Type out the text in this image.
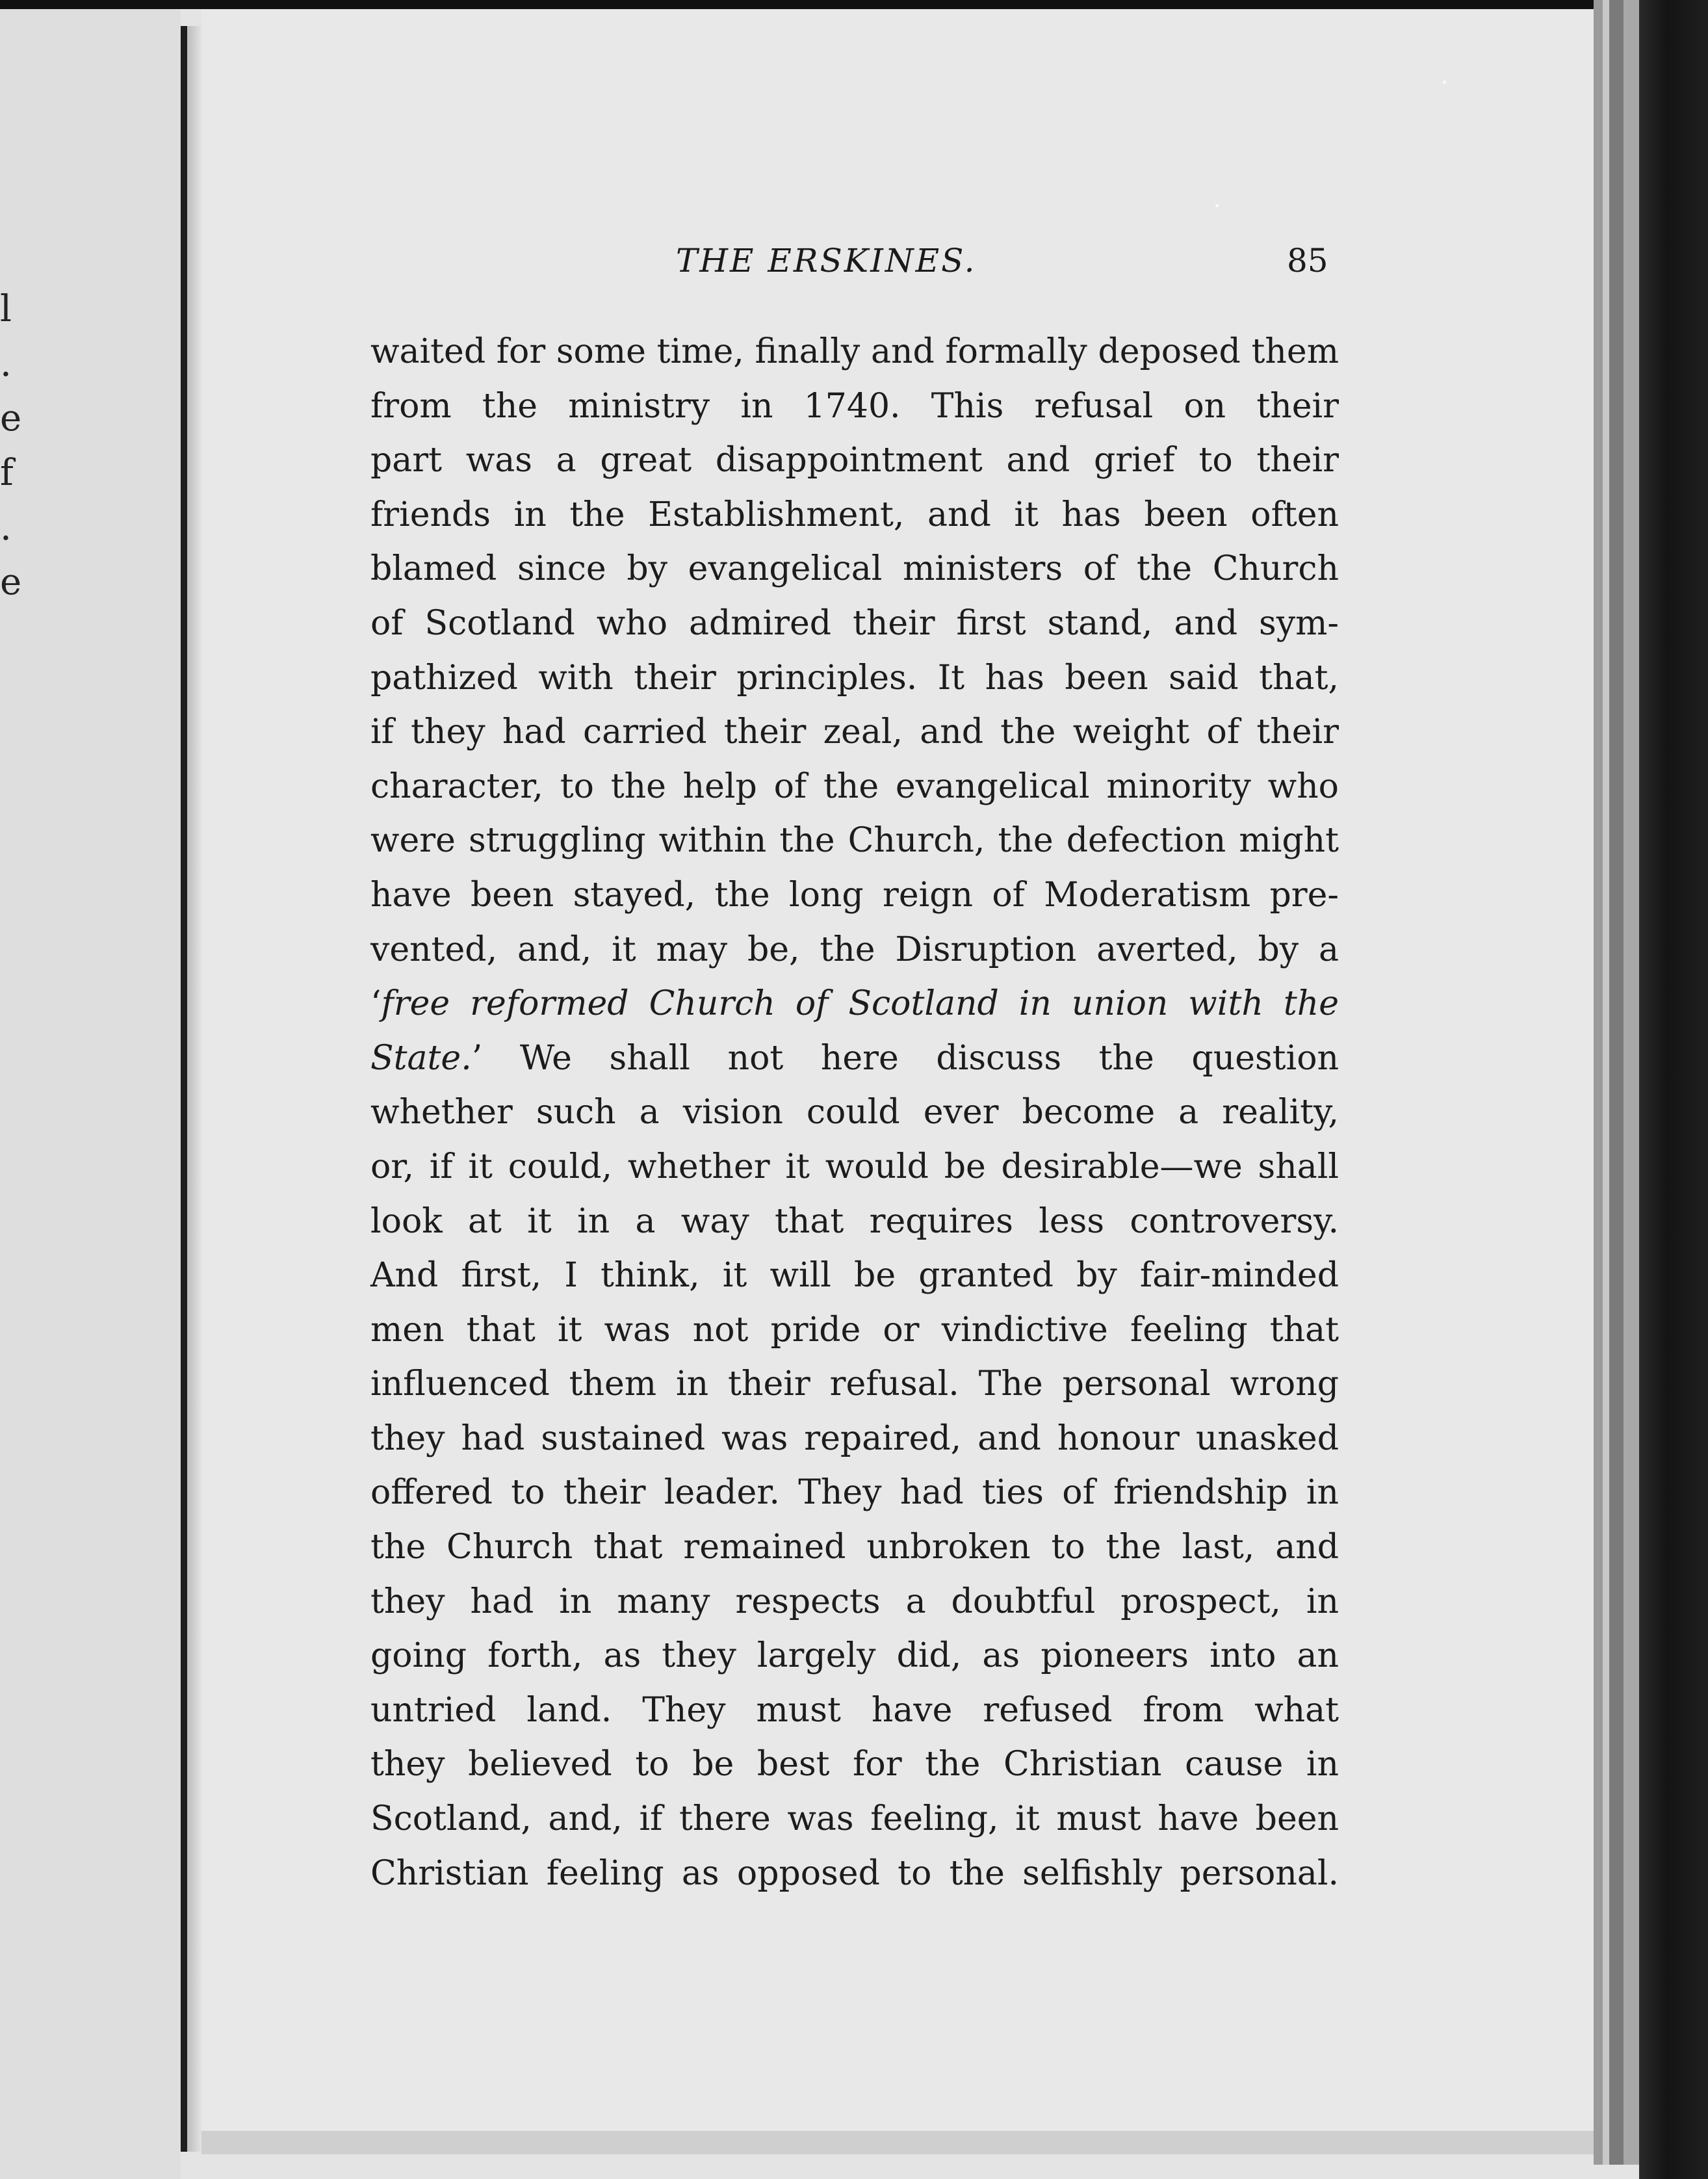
l
.
e
f
.
e
THE ERSKINES.	85
waited for some time, finally and formally deposed them
from the ministry in 1740. This refusal on their
part was a great disappointment and grief to their
friends in the Establishment, and it has been often
blamed since by evangelical ministers of the Church
of Scotland who admired their first stand, and sym-
pathized with their principles. It has been said that,
if they had carried their zeal, and the weight of their
character, to the help of the evangelical minority who
were struggling within the Church, the defection might
have been stayed, the long reign of Moderatism pre-
vented, and, it may be, the Disruption averted, by a
‘free reformed Church of Scotland in union with the
State.’ We shall not here discuss the question
whether such a vision could ever become a reality,
or, if it could, whether it would be desirable—we shall
look at it in a way that requires less controversy.
And first, I think, it will be granted by fair-minded
men that it was not pride or vindictive feeling that
influenced them in their refusal. The personal wrong
they had sustained was repaired, and honour unasked
offered to their leader. They had ties of friendship in
the Church that remained unbroken to the last, and
they had in many respects a doubtful prospect, in
going forth, as they largely did, as pioneers into an
untried land. They must have refused from what
they believed to be best for the Christian cause in
Scotland, and, if there was feeling, it must have been
Christian feeling as opposed to the selfishly personal.
